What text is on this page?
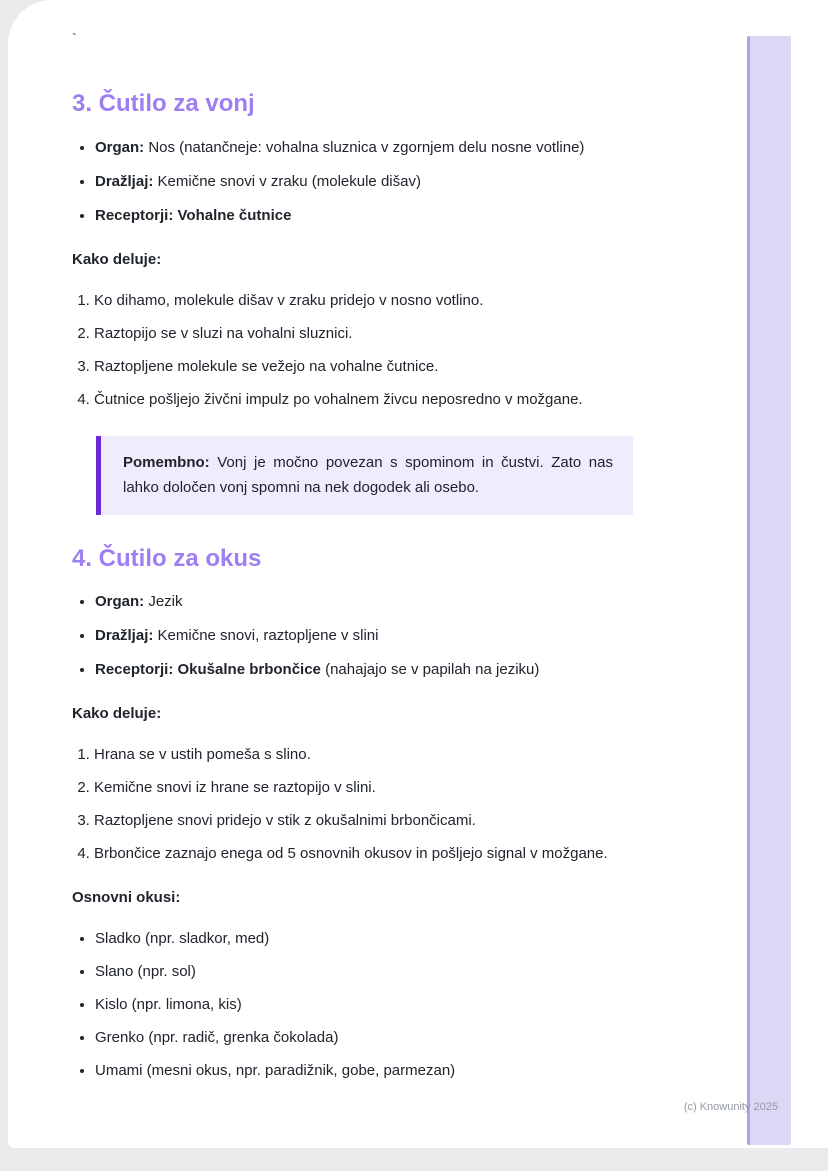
`
3. Čutilo za vonj
• Organ: Nos (natančneje: vohalna sluznica v zgornjem delu nosne votline)
• Dražljaj: Kemične snovi v zraku (molekule dišav)
• Receptorji: Vohalne čutnice

Kako deluje:

1. Ko dihamo, molekule dišav v zraku pridejo v nosno votlino.
2. Raztopijo se v sluzi na vohalni sluznici.
3. Raztopljene molekule se vežejo na vohalne čutnice.
4. Čutnice pošljejo živčni impulz po vohalnem živcu neposredno v možgane.
Pomembno: Vonj je močno povezan s spominom in čustvi. Zato nas lahko določen vonj spomni na nek dogodek ali osebo.
4. Čutilo za okus
• Organ: Jezik
• Dražljaj: Kemične snovi, raztopljene v slini
• Receptorji: Okušalne brbončice (nahajajo se v papilah na jeziku)

Kako deluje:

1. Hrana se v ustih pomeša s slino.
2. Kemične snovi iz hrane se raztopijo v slini.
3. Raztopljene snovi pridejo v stik z okušalnimi brbončicami.
4. Brbončice zaznajo enega od 5 osnovnih okusov in pošljejo signal v možgane.

Osnovni okusi:

• Sladko (npr. sladkor, med)
• Slano (npr. sol)
• Kislo (npr. limona, kis)
• Grenko (npr. radič, grenka čokolada)
• Umami (mesni okus, npr. paradižnik, gobe, parmezan)
(c) Knowunity 2025
